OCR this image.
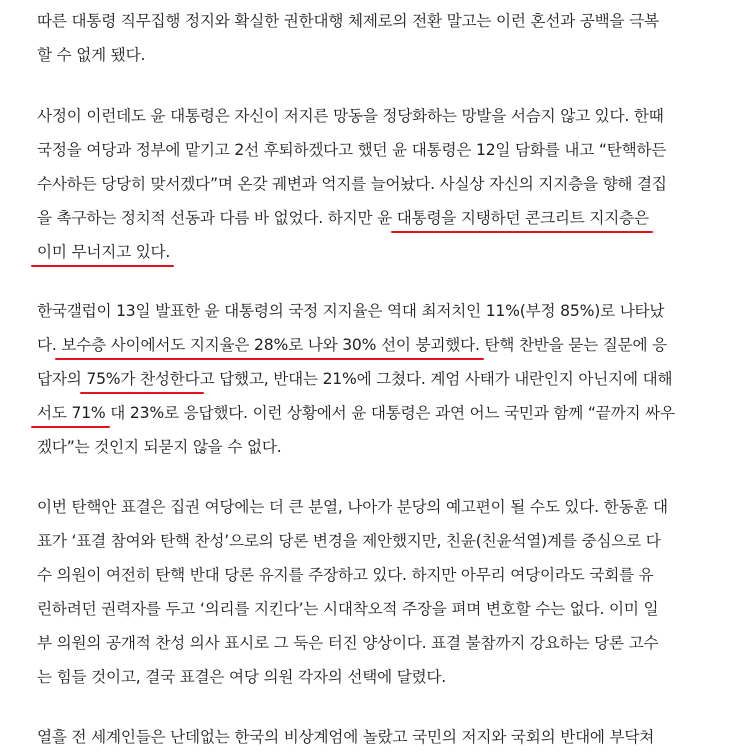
따른 대통령 직무집행 정지와 확실한 권한대행 체제로의 전환 말고는 이런 혼선과 공백을 극복
할 수 없게 됐다.
사정이 이런데도 윤 대통령은 자신이 저지른 망동을 정당화하는 망발을 서슴지 않고 있다. 한때
국정을 여당과 정부에 맡기고 2선 후퇴하겠다고 했던 윤 대통령은 12일 담화를 내고 “탄핵하든
수사하든 당당히 맞서겠다”며 온갖 궤변과 억지를 늘어놨다. 사실상 자신의 지지층을 향해 결집
을 촉구하는 정치적 선동과 다름 바 없었다. 하지만 윤 대통령을 지탱하던 콘크리트 지지층은
이미 무너지고 있다.
한국갤럽이 13일 발표한 윤 대통령의 국정 지지율은 역대 최저치인 11%(부정 85%)로 나타났
다. 보수층 사이에서도 지지율은 28%로 나와 30% 선이 붕괴했다. 탄핵 찬반을 묻는 질문에 응
답자의 75%가 찬성한다고 답했고, 반대는 21%에 그쳤다. 계엄 사태가 내란인지 아닌지에 대해
서도 71% 대 23%로 응답했다. 이런 상황에서 윤 대통령은 과연 어느 국민과 함께 “끝까지 싸우
겠다”는 것인지 되묻지 않을 수 없다.
이번 탄핵안 표결은 집권 여당에는 더 큰 분열, 나아가 분당의 예고편이 될 수도 있다. 한동훈 대
표가 ‘표결 참여와 탄핵 찬성’으로의 당론 변경을 제안했지만, 친윤(친윤석열)계를 중심으로 다
수 의원이 여전히 탄핵 반대 당론 유지를 주장하고 있다. 하지만 아무리 여당이라도 국회를 유
린하려던 권력자를 두고 ‘의리를 지킨다’는 시대착오적 주장을 펴며 변호할 수는 없다. 이미 일
부 의원의 공개적 찬성 의사 표시로 그 둑은 터진 양상이다. 표결 불참까지 강요하는 당론 고수
는 힘들 것이고, 결국 표결은 여당 의원 각자의 선택에 달렸다.
열흘 전 세계인들은 난데없는 한국의 비상계엄에 놀랐고 국민의 저지와 국회의 반대에 부닥쳐
